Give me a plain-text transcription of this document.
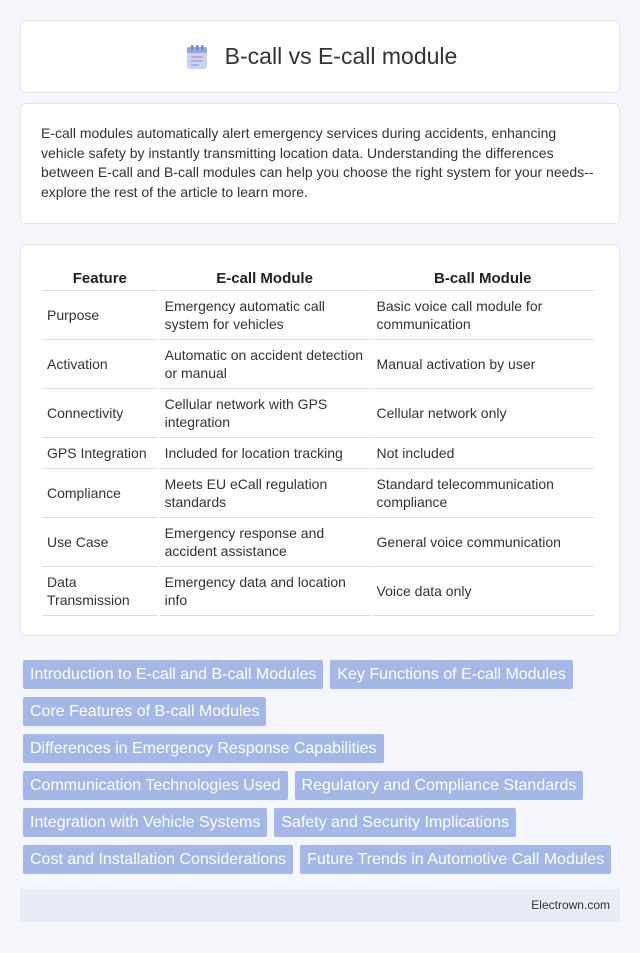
B-call vs E-call module

E-call modules automatically alert emergency services during accidents, enhancing vehicle safety by instantly transmitting location data. Understanding the differences between E-call and B-call modules can help you choose the right system for your needs--explore the rest of the article to learn more.

Feature	E-call Module	B-call Module
Purpose	Emergency automatic call system for vehicles	Basic voice call module for communication
Activation	Automatic on accident detection or manual	Manual activation by user
Connectivity	Cellular network with GPS integration	Cellular network only
GPS Integration	Included for location tracking	Not included
Compliance	Meets EU eCall regulation standards	Standard telecommunication compliance
Use Case	Emergency response and accident assistance	General voice communication
Data Transmission	Emergency data and location info	Voice data only
Introduction to E-call and B-call Modules	Key Functions of E-call Modules
Core Features of B-call Modules
Differences in Emergency Response Capabilities
Communication Technologies Used	Regulatory and Compliance Standards
Integration with Vehicle Systems	Safety and Security Implications
Cost and Installation Considerations	Future Trends in Automotive Call Modules
Electrown.com
